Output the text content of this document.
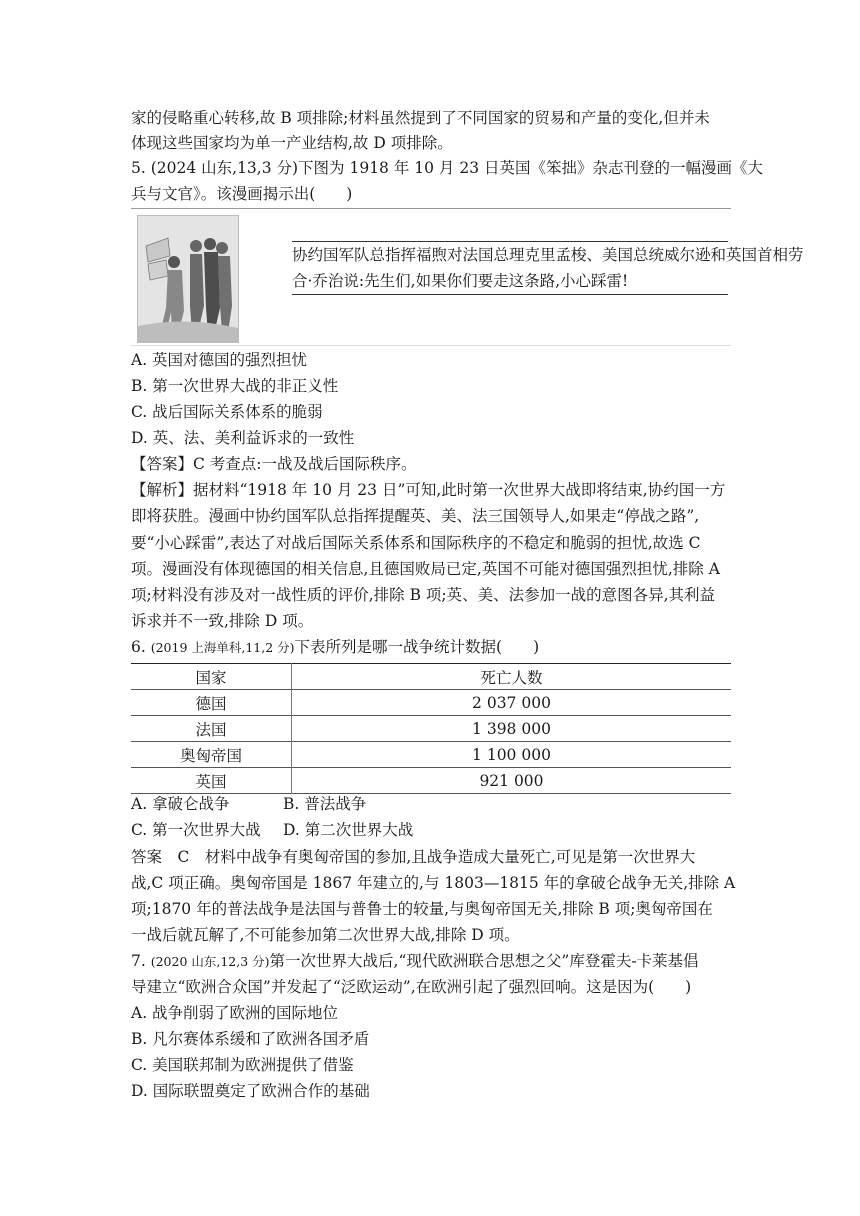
家的侵略重心转移,故 B 项排除;材料虽然提到了不同国家的贸易和产量的变化,但并未
体现这些国家均为单一产业结构,故 D 项排除。
5. (2024 山东,13,3 分)下图为 1918 年 10 月 23 日英国《笨拙》杂志刊登的一幅漫画《大
兵与文官》。该漫画揭示出(　　)
协约国军队总指挥福煦对法国总理克里孟梭、美国总统威尔逊和英国首相劳
合·乔治说:先生们,如果你们要走这条路,小心踩雷!
A. 英国对德国的强烈担忧
B. 第一次世界大战的非正义性
C. 战后国际关系体系的脆弱
D. 英、法、美利益诉求的一致性
【答案】C 考查点:一战及战后国际秩序。
【解析】据材料“1918 年 10 月 23 日”可知,此时第一次世界大战即将结束,协约国一方
即将获胜。漫画中协约国军队总指挥提醒英、美、法三国领导人,如果走“停战之路”,
要“小心踩雷”,表达了对战后国际关系体系和国际秩序的不稳定和脆弱的担忧,故选 C
项。漫画没有体现德国的相关信息,且德国败局已定,英国不可能对德国强烈担忧,排除 A
项;材料没有涉及对一战性质的评价,排除 B 项;英、美、法参加一战的意图各异,其利益
诉求并不一致,排除 D 项。
6. (2019 上海单科,11,2 分)下表所列是哪一战争统计数据(　　)
国家	死亡人数
德国	2 037 000
法国	1 398 000
奥匈帝国	1 100 000
英国	921 000
A. 拿破仑战争	B. 普法战争
C. 第一次世界大战 D. 第二次世界大战
答案　C　材料中战争有奥匈帝国的参加,且战争造成大量死亡,可见是第一次世界大
战,C 项正确。奥匈帝国是 1867 年建立的,与 1803—1815 年的拿破仑战争无关,排除 A
项;1870 年的普法战争是法国与普鲁士的较量,与奥匈帝国无关,排除 B 项;奥匈帝国在
一战后就瓦解了,不可能参加第二次世界大战,排除 D 项。
7. (2020 山东,12,3 分)第一次世界大战后,“现代欧洲联合思想之父”库登霍夫-卡莱基倡
导建立“欧洲合众国”并发起了“泛欧运动”,在欧洲引起了强烈回响。这是因为(　　)
A. 战争削弱了欧洲的国际地位
B. 凡尔赛体系缓和了欧洲各国矛盾
C. 美国联邦制为欧洲提供了借鉴
D. 国际联盟奠定了欧洲合作的基础
